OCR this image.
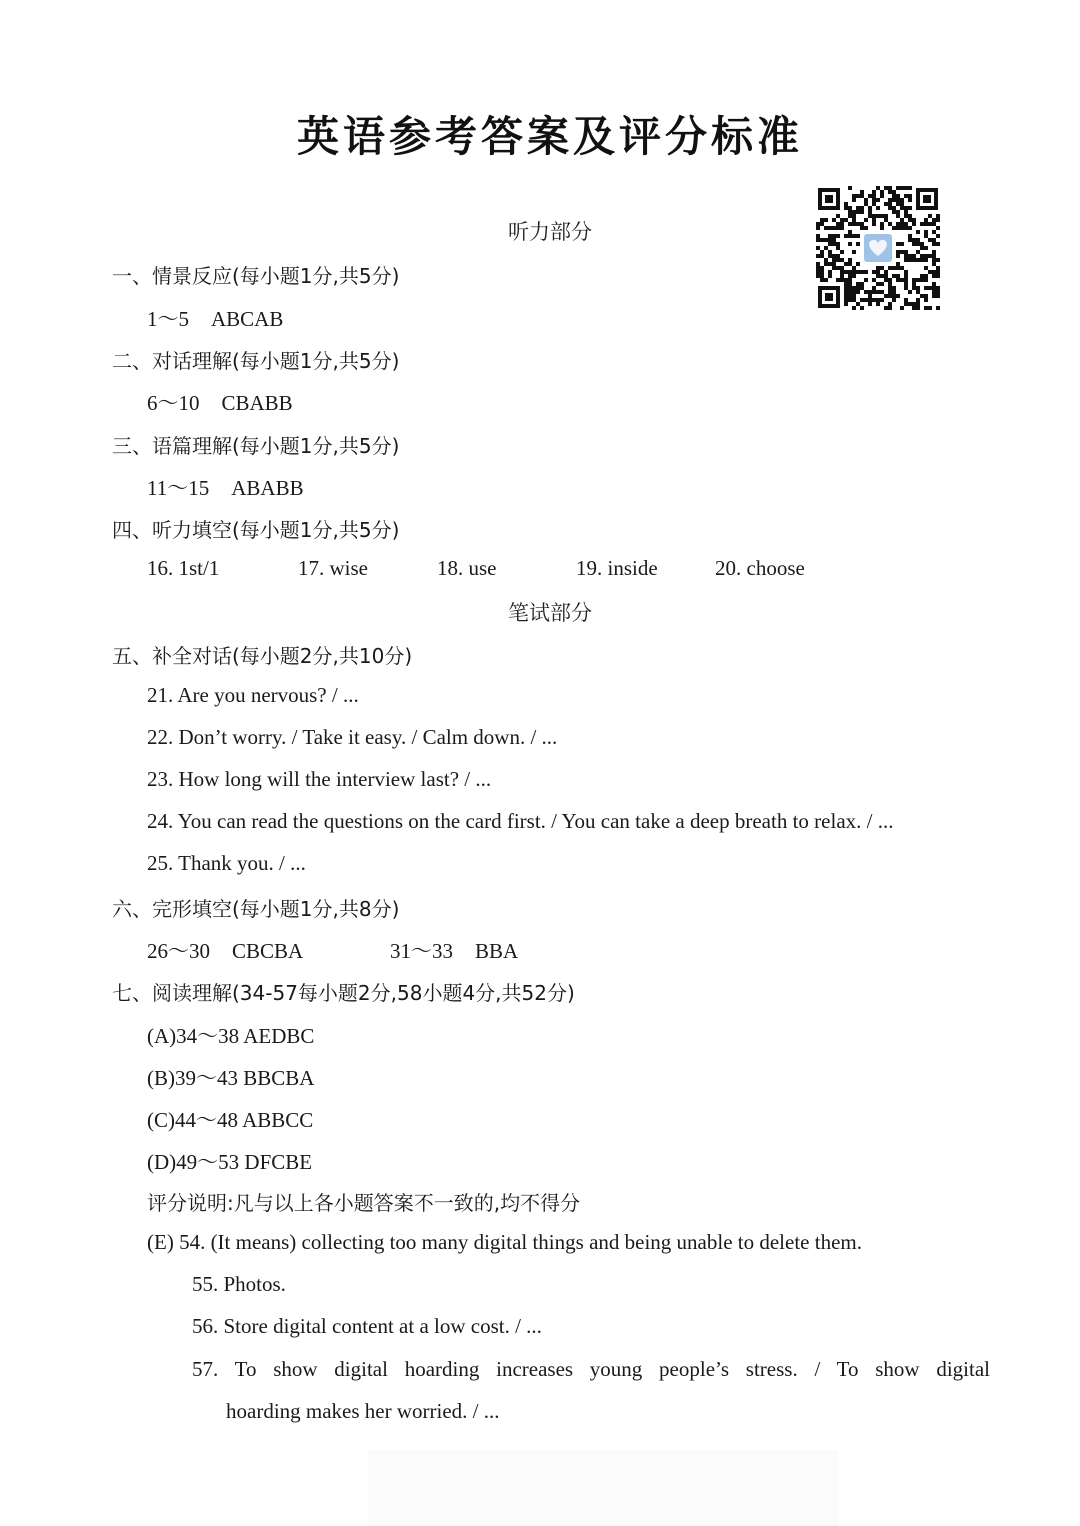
英语参考答案及评分标准
听力部分
一、情景反应(每小题1分,共5分)
1～5 ABCAB
二、对话理解(每小题1分,共5分)
6～10 CBABB
三、语篇理解(每小题1分,共5分)
11～15 ABABB
四、听力填空(每小题1分,共5分)
16. 1st/1	17. wise	18. use	19. inside	20. choose
笔试部分
五、补全对话(每小题2分,共10分)
21. Are you nervous? / ...
22. Don’t worry. / Take it easy. / Calm down. / ...
23. How long will the interview last? / ...
24. You can read the questions on the card first. / You can take a deep breath to relax. / ...
25. Thank you. / ...
六、完形填空(每小题1分,共8分)
26～30 CBCBA	31～33 BBA
七、阅读理解(34-57每小题2分,58小题4分,共52分)
(A)34～38 AEDBC
(B)39～43 BBCBA
(C)44～48 ABBCC
(D)49～53 DFCBE
评分说明:凡与以上各小题答案不一致的,均不得分
(E) 54. (It means) collecting too many digital things and being unable to delete them.
55. Photos.
56. Store digital content at a low cost. / ...
57. To show digital hoarding increases young people’s stress. / To show digital
hoarding makes her worried. / ...
